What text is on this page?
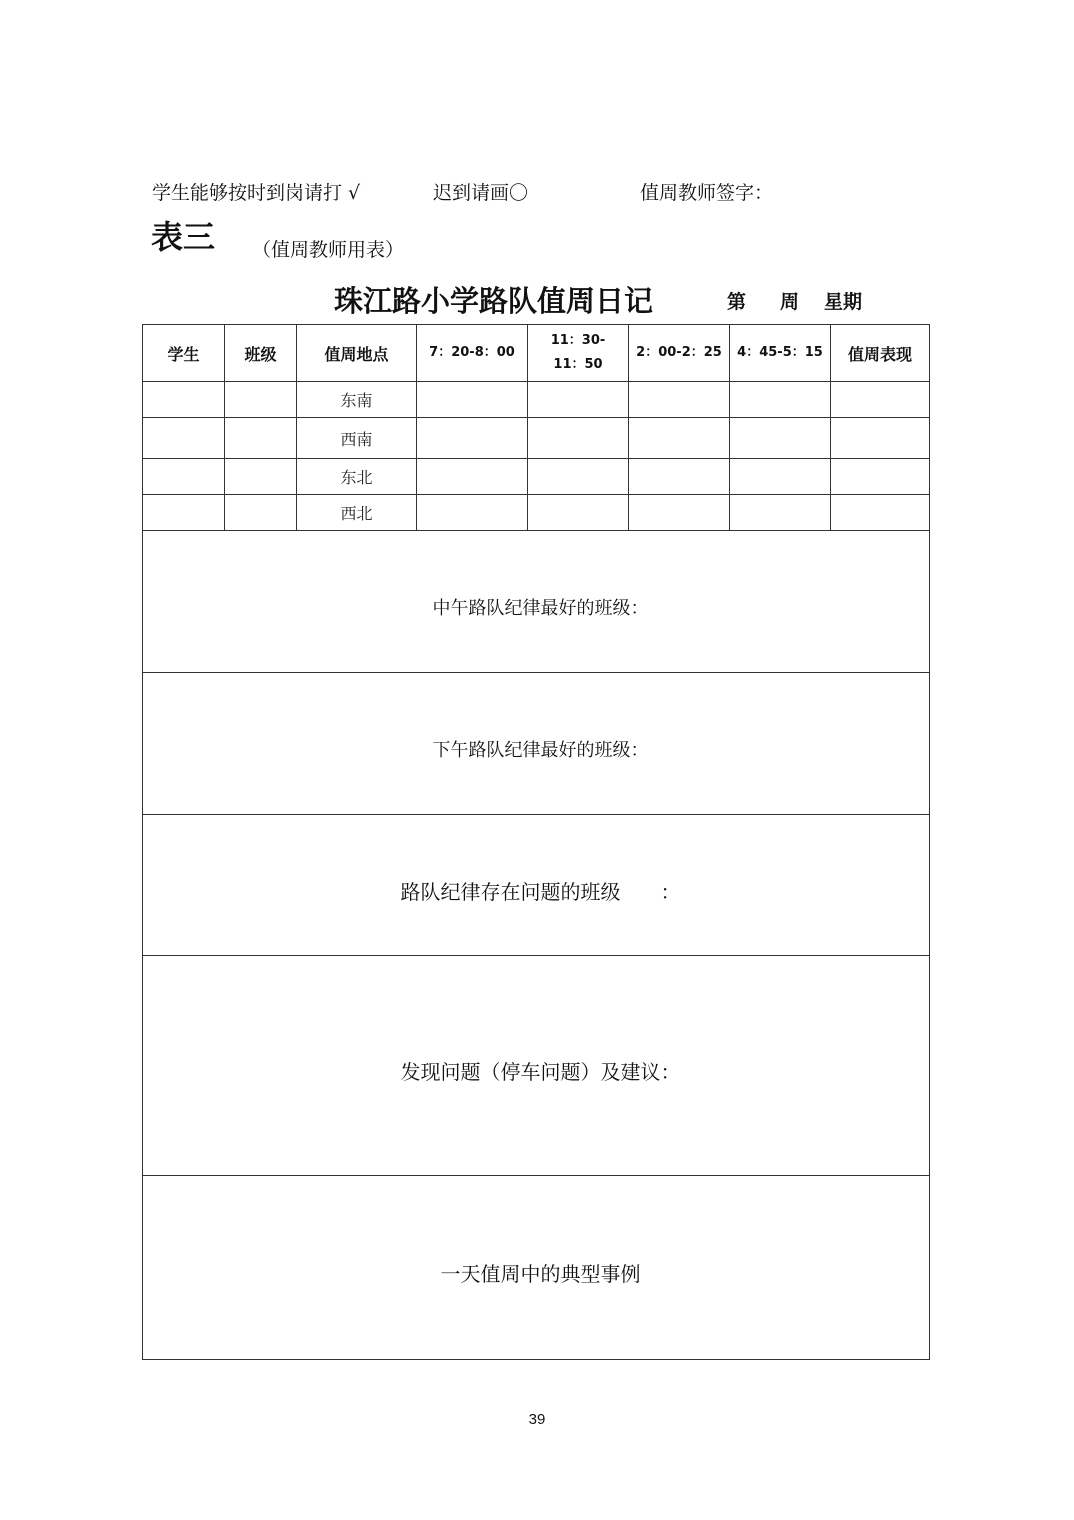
学生能够按时到岗请打 √	迟到请画〇	值周教师签字：
表三 （值周教师用表）
珠江路小学路队值周日记	第 周 星期
学生	班级	值周地点	7：20-8：00	11：30-11：50	2：00-2：25	4：45-5：15	值周表现
		东南					
		西南					
		东北					
		西北					

中午路队纪律最好的班级：							

下午路队纪律最好的班级：							

路队纪律存在问题的班级　　：							

发现问题（停车问题）及建议：							

一天值周中的典型事例							
39
